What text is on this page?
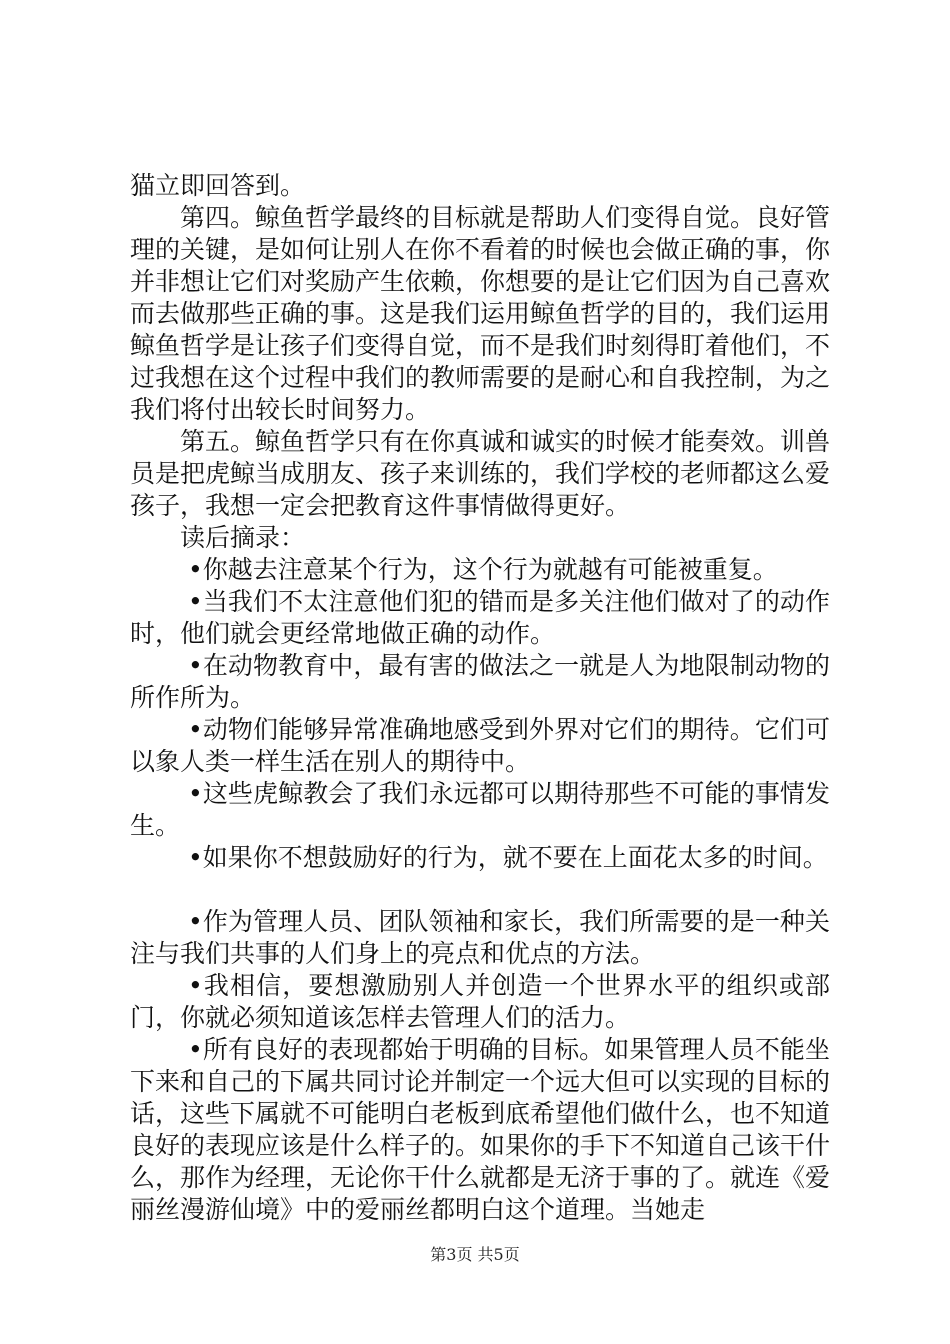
猫立即回答到。

第四。鲸鱼哲学最终的目标就是帮助人们变得自觉。良好管理的关键，是如何让别人在你不看着的时候也会做正确的事，你并非想让它们对奖励产生依赖，你想要的是让它们因为自己喜欢而去做那些正确的事。这是我们运用鲸鱼哲学的目的，我们运用鲸鱼哲学是让孩子们变得自觉，而不是我们时刻得盯着他们，不过我想在这个过程中我们的教师需要的是耐心和自我控制，为之我们将付出较长时间努力。

第五。鲸鱼哲学只有在你真诚和诚实的时候才能奏效。训兽员是把虎鲸当成朋友、孩子来训练的，我们学校的老师都这么爱孩子，我想一定会把教育这件事情做得更好。

读后摘录：

•你越去注意某个行为，这个行为就越有可能被重复。

•当我们不太注意他们犯的错而是多关注他们做对了的动作时，他们就会更经常地做正确的动作。

•在动物教育中，最有害的做法之一就是人为地限制动物的所作所为。

•动物们能够异常准确地感受到外界对它们的期待。它们可以象人类一样生活在别人的期待中。

•这些虎鲸教会了我们永远都可以期待那些不可能的事情发生。

•如果你不想鼓励好的行为，就不要在上面花太多的时间。

•作为管理人员、团队领袖和家长，我们所需要的是一种关注与我们共事的人们身上的亮点和优点的方法。

•我相信，要想激励别人并创造一个世界水平的组织或部门，你就必须知道该怎样去管理人们的活力。

•所有良好的表现都始于明确的目标。如果管理人员不能坐下来和自己的下属共同讨论并制定一个远大但可以实现的目标的话，这些下属就不可能明白老板到底希望他们做什么，也不知道良好的表现应该是什么样子的。如果你的手下不知道自己该干什么，那作为经理，无论你干什么就都是无济于事的了。就连《爱丽丝漫游仙境》中的爱丽丝都明白这个道理。当她走

第3页 共5页
